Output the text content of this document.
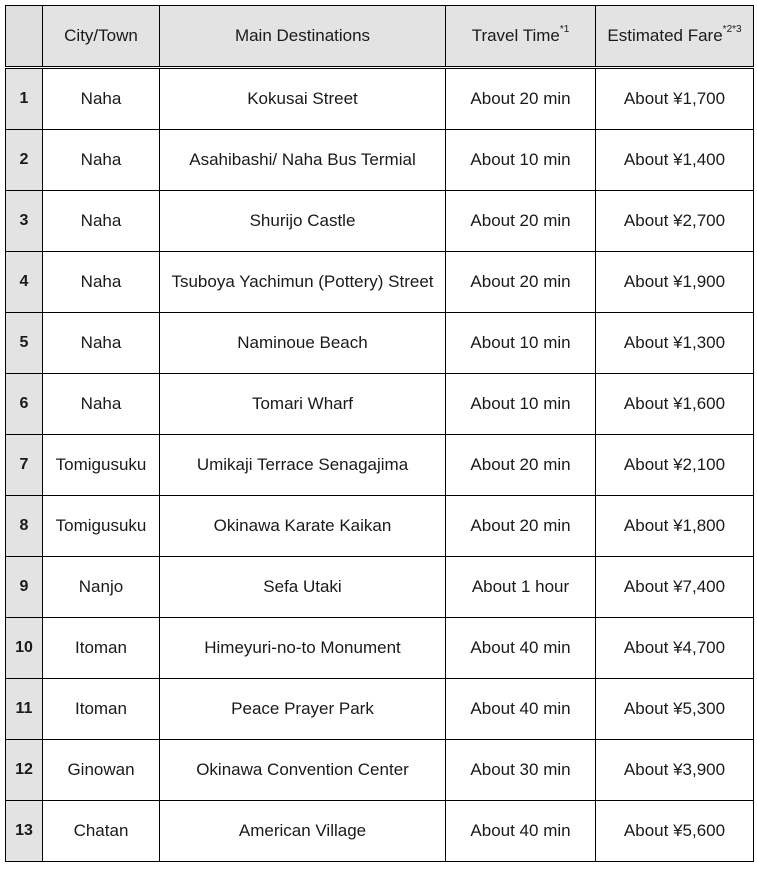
	City/Town	Main Destinations	Travel Time$^{*1}$	Estimated Fare$^{*2*3}$
1	Naha	Kokusai Street	About 20 min	About ¥1,700
2	Naha	Asahibashi/ Naha Bus Termial	About 10 min	About ¥1,400
3	Naha	Shurijo Castle	About 20 min	About ¥2,700
4	Naha	Tsuboya Yachimun (Pottery) Street	About 20 min	About ¥1,900
5	Naha	Naminoue Beach	About 10 min	About ¥1,300
6	Naha	Tomari Wharf	About 10 min	About ¥1,600
7	Tomigusuku	Umikaji Terrace Senagajima	About 20 min	About ¥2,100
8	Tomigusuku	Okinawa Karate Kaikan	About 20 min	About ¥1,800
9	Nanjo	Sefa Utaki	About 1 hour	About ¥7,400
10	Itoman	Himeyuri-no-to Monument	About 40 min	About ¥4,700
11	Itoman	Peace Prayer Park	About 40 min	About ¥5,300
12	Ginowan	Okinawa Convention Center	About 30 min	About ¥3,900
13	Chatan	American Village	About 40 min	About ¥5,600
